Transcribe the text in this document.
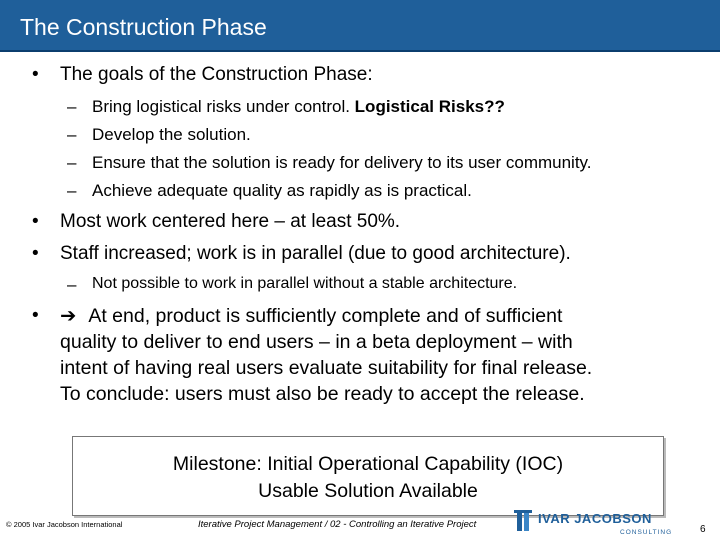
The Construction Phase
• The goals of the Construction Phase:
– Bring logistical risks under control. Logistical Risks??
– Develop the solution.
– Ensure that the solution is ready for delivery to its user community.
– Achieve adequate quality as rapidly as is practical.
• Most work centered here – at least 50%.
• Staff increased; work is in parallel (due to good architecture).
– Not possible to work in parallel without a stable architecture.
• ➔ At end, product is sufficiently complete and of sufficient
quality to deliver to end users – in a beta deployment – with
intent of having real users evaluate suitability for final release.
To conclude: users must also be ready to accept the release.
Milestone: Initial Operational Capability (IOC)
Usable Solution Available
© 2005 Ivar Jacobson International	Iterative Project Management / 02 - Controlling an Iterative Project	IVAR JACOBSON
CONSULTING	6
